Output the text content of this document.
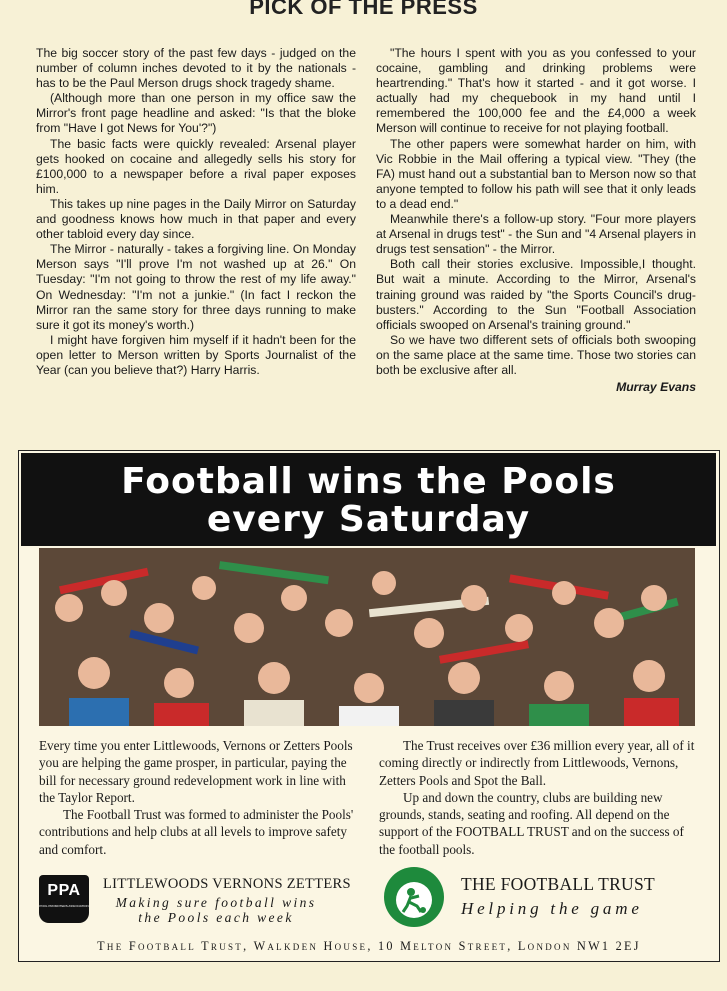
PICK OF THE PRESS

The big soccer story of the past few days - judged on the number of column inches devoted to it by the nationals - has to be the Paul Merson drugs shock tragedy shame.

(Although more than one person in my office saw the Mirror's front page headline and asked: "Is that the bloke from "Have I got News for You'?")

The basic facts were quickly revealed: Arsenal player gets hooked on cocaine and allegedly sells his story for £100,000 to a newspaper before a rival paper exposes him.

This takes up nine pages in the Daily Mirror on Saturday and goodness knows how much in that paper and every other tabloid every day since.

The Mirror - naturally - takes a forgiving line. On Monday Merson says "I'll prove I'm not washed up at 26." On Tuesday: "I'm not going to throw the rest of my life away." On Wednesday: "I'm not a junkie." (In fact I reckon the Mirror ran the same story for three days running to make sure it got its money's worth.)

I might have forgiven him myself if it hadn't been for the open letter to Merson written by Sports Journalist of the Year (can you believe that?) Harry Harris.

"The hours I spent with you as you confessed to your cocaine, gambling and drinking problems were heartrending." That's how it started - and it got worse. I actually had my chequebook in my hand until I remembered the 100,000 fee and the £4,000 a week Merson will continue to receive for not playing football.

The other papers were somewhat harder on him, with Vic Robbie in the Mail offering a typical view. "They (the FA) must hand out a substantial ban to Merson now so that anyone tempted to follow his path will see that it only leads to a dead end."

Meanwhile there's a follow-up story. "Four more players at Arsenal in drugs test" - the Sun and "4 Arsenal players in drugs test sensation" - the Mirror.

Both call their stories exclusive. Impossible,I thought. But wait a minute. According to the Mirror, Arsenal's training ground was raided by "the Sports Council's drug-busters." According to the Sun "Football Association officials swooped on Arsenal's training ground."

So we have two different sets of officials both swooping on the same place at the same time. Those two stories can both be exclusive after all.

Murray Evans
Football wins the Pools
every Saturday

Every time you enter Littlewoods, Vernons or Zetters Pools you are helping the game prosper, in particular, paying the bill for necessary ground redevelopment work in line with the Taylor Report.

The Football Trust was formed to administer the Pools' contributions and help clubs at all levels to improve safety and comfort.

The Trust receives over £36 million every year, all of it coming directly or indirectly from Littlewoods, Vernons, Zetters Pools and Spot the Ball.

Up and down the country, clubs are building new grounds, stands, seating and roofing. All depend on the support of the FOOTBALL TRUST and on the success of the football pools.

PPA
POOL PROMOTERS ASSOCIATION
LITTLEWOODS VERNONS ZETTERS
Making sure football wins the Pools each week
THE FOOTBALL TRUST
Helping the game
The Football Trust, Walkden House, 10 Melton Street, London NW1 2EJ
